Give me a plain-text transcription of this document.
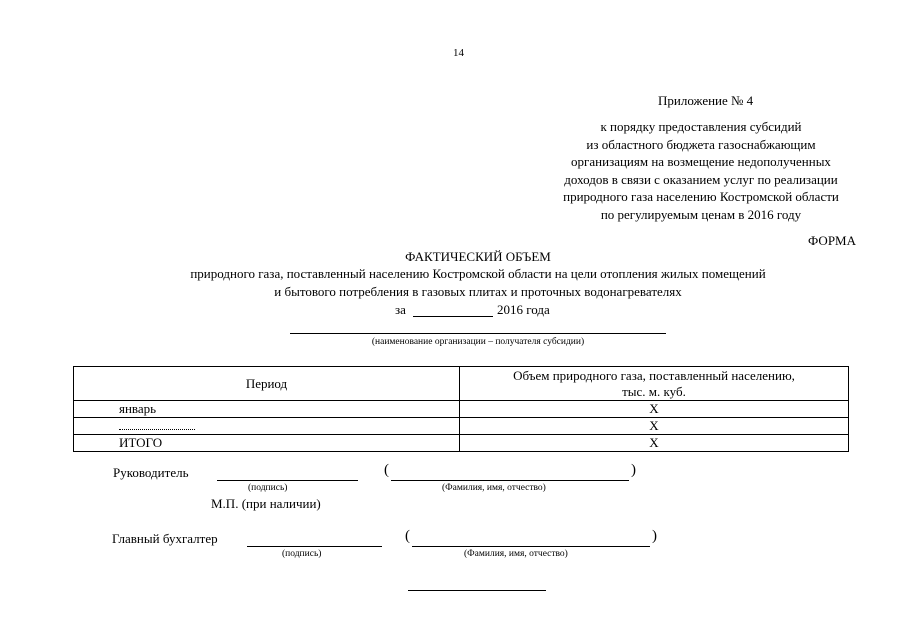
14
Приложение № 4
к порядку предоставления субсидий
из областного бюджета газоснабжающим
организациям на возмещение недополученных
доходов в связи с оказанием услуг по реализации
природного газа населению Костромской области
по регулируемым ценам в 2016 году
ФОРМА
ФАКТИЧЕСКИЙ ОБЪЕМ
природного газа, поставленный населению Костромской области на цели отопления жилых помещений
и бытового потребления в газовых плитах и проточных водонагревателях
за	2016 года
(наименование организации – получателя субсидии)
Период	Объем природного газа, поставленный населению,
тыс. м. куб.

январь	Х
	Х
ИТОГО	Х
Руководитель
(подпись)
(	)
(Фамилия, имя, отчество)
М.П. (при наличии)
Главный бухгалтер
(подпись)
(	)
(Фамилия, имя, отчество)
